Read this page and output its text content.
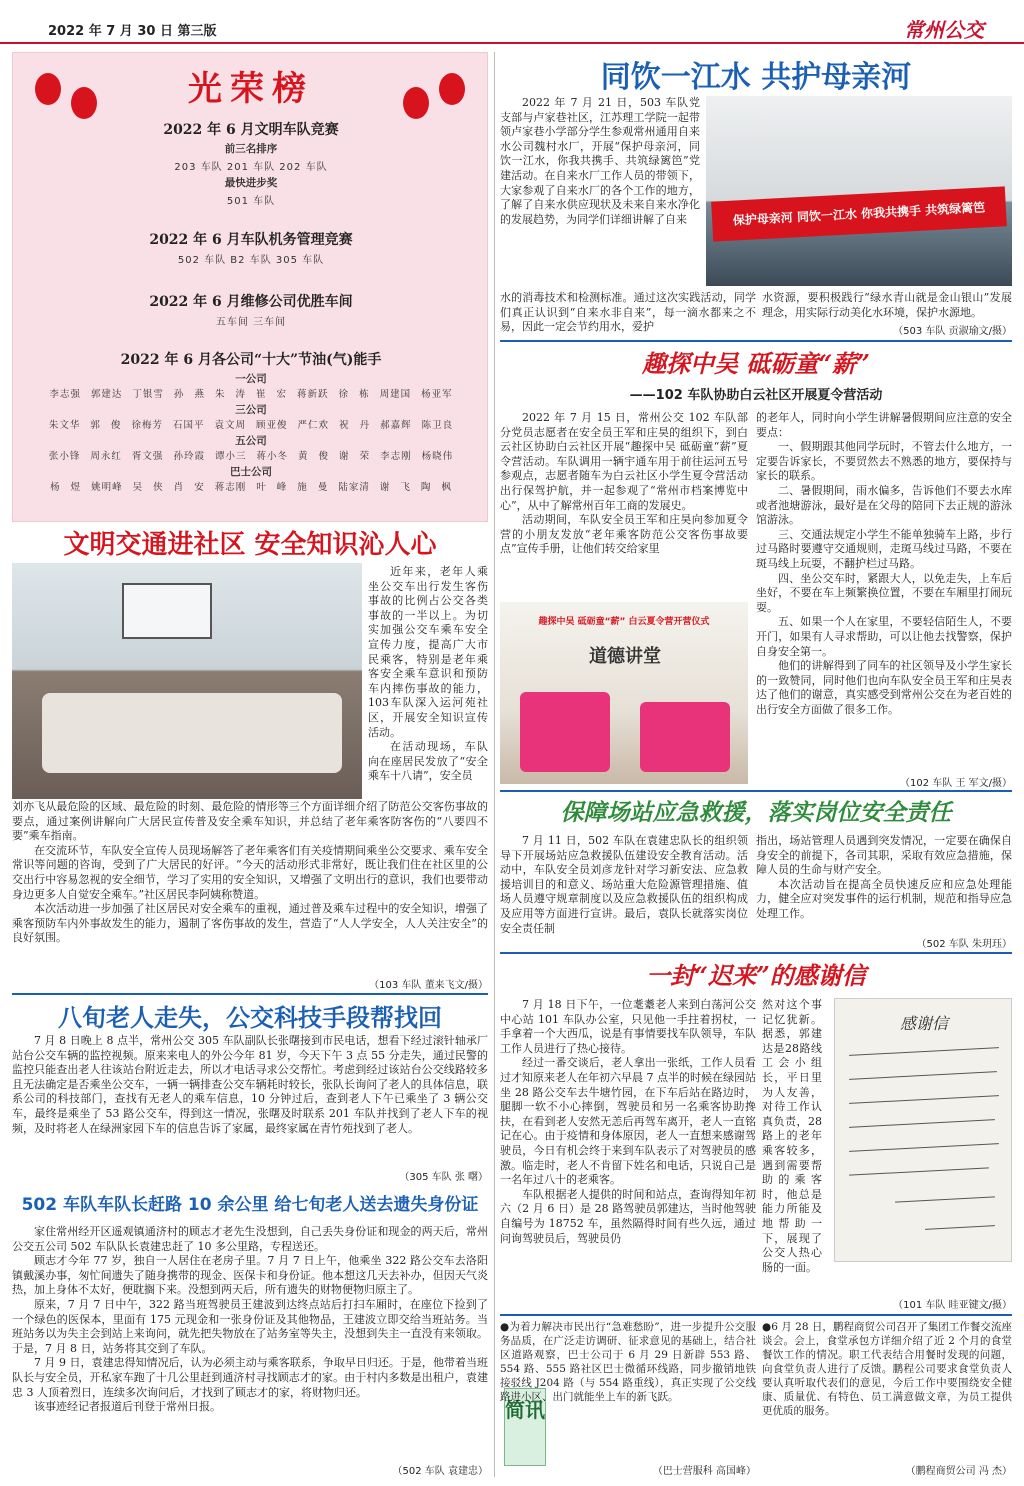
2022 年 7 月 30 日 第三版	常州公交
光荣榜
2022 年 6 月文明车队竞赛
前三名排序
203 车队 201 车队 202 车队
最快进步奖
501 车队
2022 年 6 月车队机务管理竞赛
502 车队 B2 车队 305 车队
2022 年 6 月维修公司优胜车间
五车间 三车间
2022 年 6 月各公司“十大”节油(气)能手
一公司
李志强 郭建达 丁银雪 孙 燕 朱 涛 崔 宏 蒋新跃 徐 栋 周建国 杨亚军
三公司
朱文华 郭 俊 徐梅芳 石国平 袁文周 顾亚俊 严仁欢 祝 丹 郝嘉辉 陈卫良
五公司
张小锋 周永红 胥文强 孙玲霞 谭小三 蒋小冬 黄 俊 谢 荣 李志刚 杨晓伟
巴士公司
杨 煜 姚明峰 吴 侠 肖 安 蒋志刚 叶 峰 施 曼 陆家清 谢 飞 陶 枫
文明交通进社区 安全知识沁人心

近年来，老年人乘坐公交车出行发生客伤事故的比例占公交各类事故的一半以上。为切实加强公交车乘车安全宣传力度，提高广大市民乘客，特别是老年乘客安全乘车意识和预防车内摔伤事故的能力，103车队深入运河苑社区，开展安全知识宣传活动。

在活动现场，车队向在座居民发放了“安全乘车十八请”，安全员

刘亦飞从最危险的区域、最危险的时刻、最危险的情形等三个方面详细介绍了防范公交客伤事故的要点，通过案例讲解向广大居民宣传普及安全乘车知识，并总结了老年乘客防客伤的“八要四不要”乘车指南。

在交流环节，车队安全宣传人员现场解答了老年乘客们有关疫情期间乘坐公交要求、乘车安全常识等问题的咨询，受到了广大居民的好评。“今天的活动形式非常好，既让我们住在社区里的公交出行中容易忽视的安全细节，学习了实用的安全知识，又增强了文明出行的意识，我们也要带动身边更多人自觉安全乘车。”社区居民李阿姨称赞道。

本次活动进一步加强了社区居民对安全乘车的重视，通过普及乘车过程中的安全知识，增强了乘客预防车内外事故发生的能力，遏制了客伤事故的发生，营造了“人人学安全，人人关注安全”的良好氛围。

（103 车队 董来飞文/摄）
八旬老人走失，公交科技手段帮找回

7 月 8 日晚上 8 点半，常州公交 305 车队副队长张曙接到市民电话，想看下经过滚针轴承厂站台公交车辆的监控视频。原来来电人的外公今年 81 岁，今天下午 3 点 55 分走失，通过民警的监控只能查出老人往该站台附近走去，所以才电话寻求公交帮忙。考虑到经过该站台公交线路较多且无法确定是否乘坐公交车，一辆一辆排查公交车辆耗时较长，张队长询问了老人的具体信息，联系公司的科技部门，查找有无老人的乘车信息，10 分钟过后，查到老人下午已乘坐了 3 辆公交车，最终是乘坐了 53 路公交车，得到这一情况，张曙及时联系 201 车队并找到了老人下车的视频，及时将老人在绿洲家园下车的信息告诉了家属，最终家属在青竹苑找到了老人。

（305 车队 张 曙）
502 车队车队长赶路 10 余公里 给七旬老人送去遗失身份证

家住常州经开区遥观镇通济村的顾志才老先生没想到，自己丢失身份证和现金的两天后，常州公交五公司 502 车队队长袁建忠赶了 10 多公里路，专程送还。

顾志才今年 77 岁，独自一人居住在老房子里。7 月 7 日上午，他乘坐 322 路公交车去洛阳镇戴溪办事，匆忙间遗失了随身携带的现金、医保卡和身份证。他本想这几天去补办，但因天气炎热，加上身体不太好，便耽搁下来。没想到两天后，所有遗失的财物便物归原主了。

原来，7 月 7 日中午，322 路当班驾驶员王建波到达终点站后打扫车厢时，在座位下捡到了一个绿色的医保本，里面有 175 元现金和一张身份证及其他物品，王建波立即交给当班站务。当班站务以为失主会到站上来询问，就先把失物放在了站务室等失主，没想到失主一直没有来领取。于是，7 月 8 日，站务将其交到了车队。

7 月 9 日，袁建忠得知情况后，认为必须主动与乘客联系，争取早日归还。于是，他带着当班队长与安全员，开私家车跑了十几公里赶到通济村寻找顾志才的家。由于村内多数是出租户，袁建忠 3 人顶着烈日，连续多次询问后，才找到了顾志才的家，将财物归还。

该事迹经记者报道后刊登于常州日报。

（502 车队 袁建忠）
同饮一江水 共护母亲河

2022 年 7 月 21 日，503 车队党支部与卢家巷社区，江苏理工学院一起带领卢家巷小学部分学生参观常州通用自来水公司魏村水厂，开展“保护母亲河，同饮一江水，你我共携手、共筑绿篱笆”党建活动。在自来水厂工作人员的带领下，大家参观了自来水厂的各个工作的地方，了解了自来水供应现状及未来自来水净化的发展趋势，为同学们详细讲解了自来	保护母亲河 同饮一江水 你我共携手 共筑绿篱笆

水的消毒技术和检测标准。通过这次实践活动，同学们真正认识到“自来水非自来”，每一滴水都来之不易，因此一定会节约用水，爱护

水资源，要积极践行“绿水青山就是金山银山”发展理念，用实际行动美化水环境，保护水源地。

（503 车队 贡淑瑜文/摄）
趣探中吴 砥砺童“薪”
——102 车队协助白云社区开展夏令营活动

2022 年 7 月 15 日，常州公交 102 车队部分党员志愿者在安全员王军和庄昊的组织下，到白云社区协助白云社区开展“趣探中吴 砥砺童“薪”夏令营活动。车队调用一辆宇通车用于前往运河五号参观点，志愿者随车为白云社区小学生夏令营活动出行保驾护航，并一起参观了“常州市档案博览中心”，从中了解常州百年工商的发展史。

活动期间，车队安全员王军和庄昊向参加夏令营的小朋友发放“老年乘客防范公交客伤事故要点”宣传手册，让他们转交给家里

趣探中吴 砥砺童“薪” 白云夏令营开营仪式
道德讲堂

的老年人，同时向小学生讲解暑假期间应注意的安全要点：

一、假期跟其他同学玩时，不管去什么地方，一定要告诉家长，不要贸然去不熟悉的地方，要保持与家长的联系。

二、暑假期间，雨水偏多，告诉他们不要去水库或者池塘游泳，最好是在父母的陪同下去正规的游泳馆游泳。

三、交通法规定小学生不能单独骑车上路，步行过马路时要遵守交通规则，走斑马线过马路，不要在斑马线上玩耍，不翻护栏过马路。

四、坐公交车时，紧跟大人，以免走失，上车后坐好，不要在车上频繁换位置，不要在车厢里打闹玩耍。

五、如果一个人在家里，不要轻信陌生人，不要开门，如果有人寻求帮助，可以让他去找警察，保护自身安全第一。

他们的讲解得到了同车的社区领导及小学生家长的一致赞同，同时他们也向车队安全员王军和庄昊表达了他们的谢意，真实感受到常州公交在为老百姓的出行安全方面做了很多工作。

（102 车队 王 军文/摄）
保障场站应急救援，落实岗位安全责任

7 月 11 日，502 车队在袁建忠队长的组织领导下开展场站应急救援队伍建设安全教育活动。活动中，车队安全员刘彦龙针对学习新安法、应急救援培训目的和意义、场站重大危险源管理措施、值场人员遵守规章制度以及应急救援队伍的组织构成及应用等方面进行宣讲。最后，袁队长就落实岗位安全责任制

指出，场站管理人员遇到突发情况，一定要在确保自身安全的前提下，各司其职，采取有效应急措施，保障人员的生命与财产安全。

本次活动旨在提高全员快速反应和应急处理能力，健全应对突发事件的运行机制，规范和指导应急处理工作。

（502 车队 朱玥珏）
一封“迟来”的感谢信

7 月 18 日下午，一位耄耋老人来到白荡河公交中心站 101 车队办公室，只见他一手拄着拐杖，一手拿着一个大西瓜，说是有事情要找车队领导，车队工作人员进行了热心接待。

经过一番交谈后，老人拿出一张纸，工作人员看过才知原来老人在年初六早晨 7 点半的时候在绿园站坐 28 路公交车去牛塘竹园，在下车后站在路边时，腿脚一软不小心摔倒，驾驶员和另一名乘客协助搀扶，在看到老人安然无恙后再驾车离开，老人一直铭记在心。由于疫情和身体原因，老人一直想来感谢驾驶员，今日有机会终于来到车队表示了对驾驶员的感激。临走时，老人不肯留下姓名和电话，只说自己是一名年过八十的老乘客。

车队根据老人提供的时间和站点，查询得知年初六（2 月 6 日）是 28 路驾驶员郭建达，当时他驾驶自编号为 18752 车，虽然隔得时间有些久远，通过问询驾驶员后，驾驶员仍

然对这个事记忆犹新。据悉，郭建达是28路线工会小组长，平日里为人友善，对待工作认真负责，28路上的老年乘客较多，遇到需要帮助的乘客时，他总是能力所能及地帮助一下，展现了公交人热心肠的一面。

感谢信
（101 车队 眭亚键文/摄）
简讯

●为着力解决市民出行“急难愁盼”，进一步提升公交服务品质，在广泛走访调研、征求意见的基础上，结合社区道路观察，巴士公司于 6 月 29 日新辟 553 路、554 路、555 路社区巴士微循环线路，同步撤销地铁接驳线 J204 路（与 554 路重线），真正实现了公交线路进小区、出门就能坐上车的新飞跃。

（巴士营服科 高国峰）

●6 月 28 日，鹏程商贸公司召开了集团工作餐交流座谈会。会上，食堂承包方详细介绍了近 2 个月的食堂餐饮工作的情况。职工代表结合用餐时发现的问题，向食堂负责人进行了反馈。鹏程公司要求食堂负责人要认真听取代表们的意见，今后工作中要围绕安全健康、质量优、有特色、员工满意做文章，为员工提供更优质的服务。

（鹏程商贸公司 冯 杰）
